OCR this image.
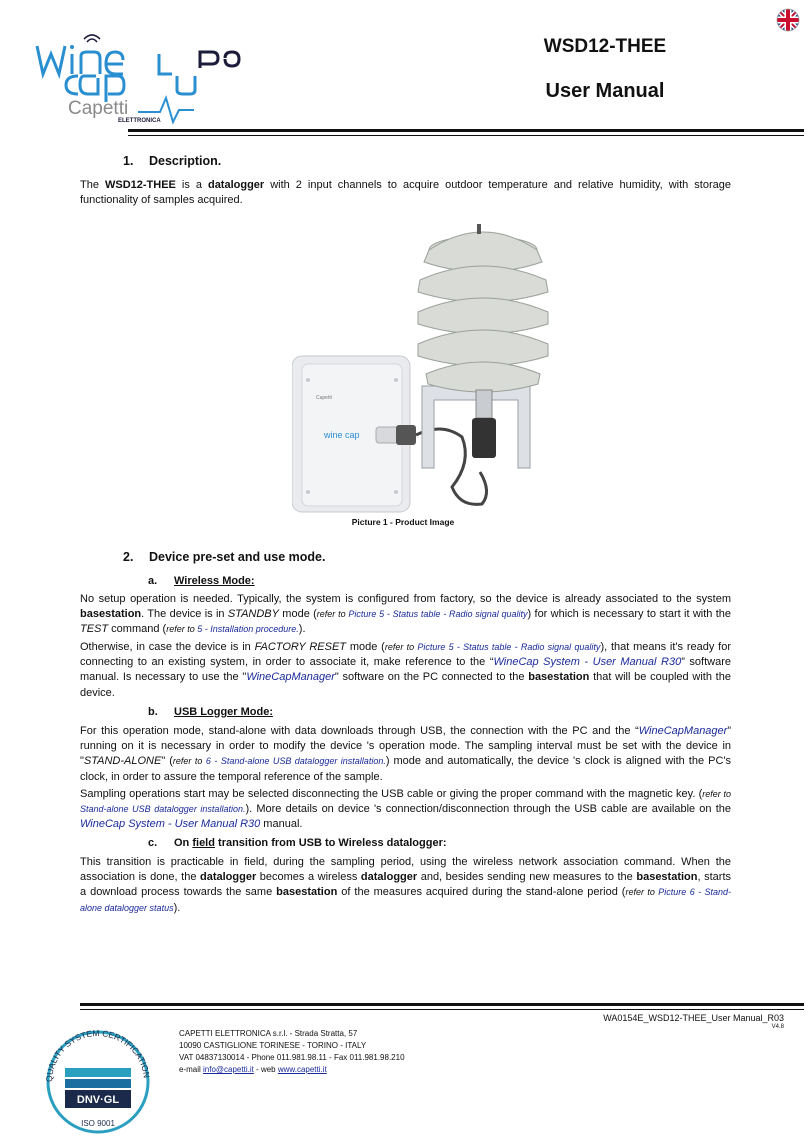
Capetti
ELETTRONICA
WSD12-THEE
User Manual
1. Description.
The WSD12-THEE is a datalogger with 2 input channels to acquire outdoor temperature and relative humidity, with storage functionality of samples acquired.
Capetti
wine cap
Picture 1 - Product Image
2. Device pre-set and use mode.
a. Wireless Mode:
No setup operation is needed. Typically, the system is configured from factory, so the device is already associated to the system basestation. The device is in STANDBY mode (refer to Picture 5 - Status table - Radio signal quality) for which is necessary to start it with the TEST command (refer to 5 - Installation procedure.).
Otherwise, in case the device is in FACTORY RESET mode (refer to Picture 5 - Status table - Radio signal quality), that means it's ready for connecting to an existing system, in order to associate it, make reference to the “WineCap System - User Manual R30” software manual. Is necessary to use the "WineCapManager" software on the PC connected to the basestation that will be coupled with the device.
b. USB Logger Mode:
For this operation mode, stand-alone with data downloads through USB, the connection with the PC and the “WineCapManager” running on it is necessary in order to modify the device 's operation mode. The sampling interval must be set with the device in "STAND-ALONE" (refer to 6 - Stand-alone USB datalogger installation.) mode and automatically, the device 's clock is aligned with the PC's clock, in order to assure the temporal reference of the sample.
Sampling operations start may be selected disconnecting the USB cable or giving the proper command with the magnetic key. (refer to Stand-alone USB datalogger installation.). More details on device 's connection/disconnection through the USB cable are available on the WineCap System - User Manual R30 manual.
c. On field transition from USB to Wireless datalogger:
This transition is practicable in field, during the sampling period, using the wireless network association command. When the association is done, the datalogger becomes a wireless datalogger and, besides sending new measures to the basestation, starts a download process towards the same basestation of the measures acquired during the stand-alone period (refer to Picture 6 - Stand-alone datalogger status).
WA0154E_WSD12-THEE_User Manual_R03
V4.8
QUALITY SYSTEM CERTIFICATION
DNV·GL
ISO 9001
CAPETTI ELETTRONICA s.r.l. - Strada Stratta, 57
10090 CASTIGLIONE TORINESE - TORINO - ITALY
VAT 04837130014 - Phone 011.981.98.11 - Fax 011.981.98.210
e-mail info@capetti.it - web www.capetti.it
